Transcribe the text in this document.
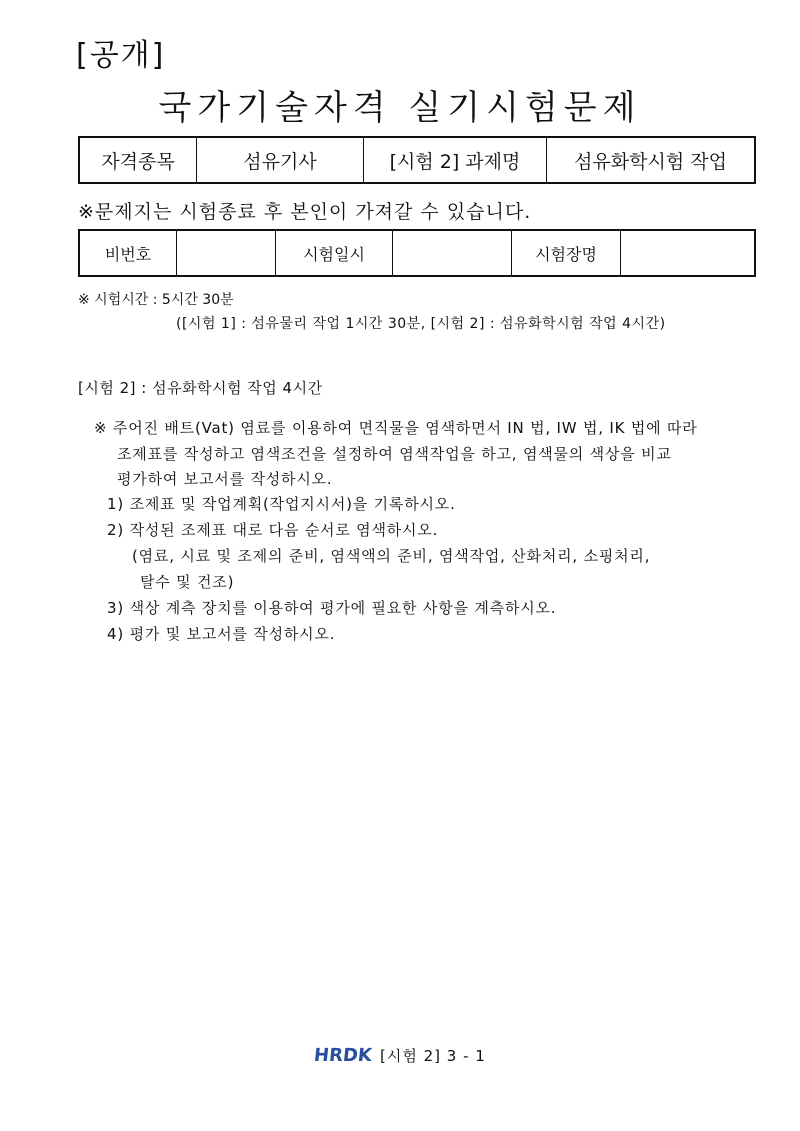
[공개]
국가기술자격 실기시험문제
자격종목	섬유기사	[시험 2] 과제명	섬유화학시험 작업
※문제지는 시험종료 후 본인이 가져갈 수 있습니다.
비번호		시험일시		시험장명	
※ 시험시간 : 5시간 30분
([시험 1] : 섬유물리 작업 1시간 30분, [시험 2] : 섬유화학시험 작업 4시간)
[시험 2] : 섬유화학시험 작업 4시간
※ 주어진 배트(Vat) 염료를 이용하여 면직물을 염색하면서 IN 법, IW 법, IK 법에 따라
조제표를 작성하고 염색조건을 설정하여 염색작업을 하고, 염색물의 색상을 비교
평가하여 보고서를 작성하시오.
1) 조제표 및 작업계획(작업지시서)을 기록하시오.
2) 작성된 조제표 대로 다음 순서로 염색하시오.
(염료, 시료 및 조제의 준비, 염색액의 준비, 염색작업, 산화처리, 소핑처리,
탈수 및 건조)
3) 색상 계측 장치를 이용하여 평가에 필요한 사항을 계측하시오.
4) 평가 및 보고서를 작성하시오.
HRDK [시험 2] 3 - 1
